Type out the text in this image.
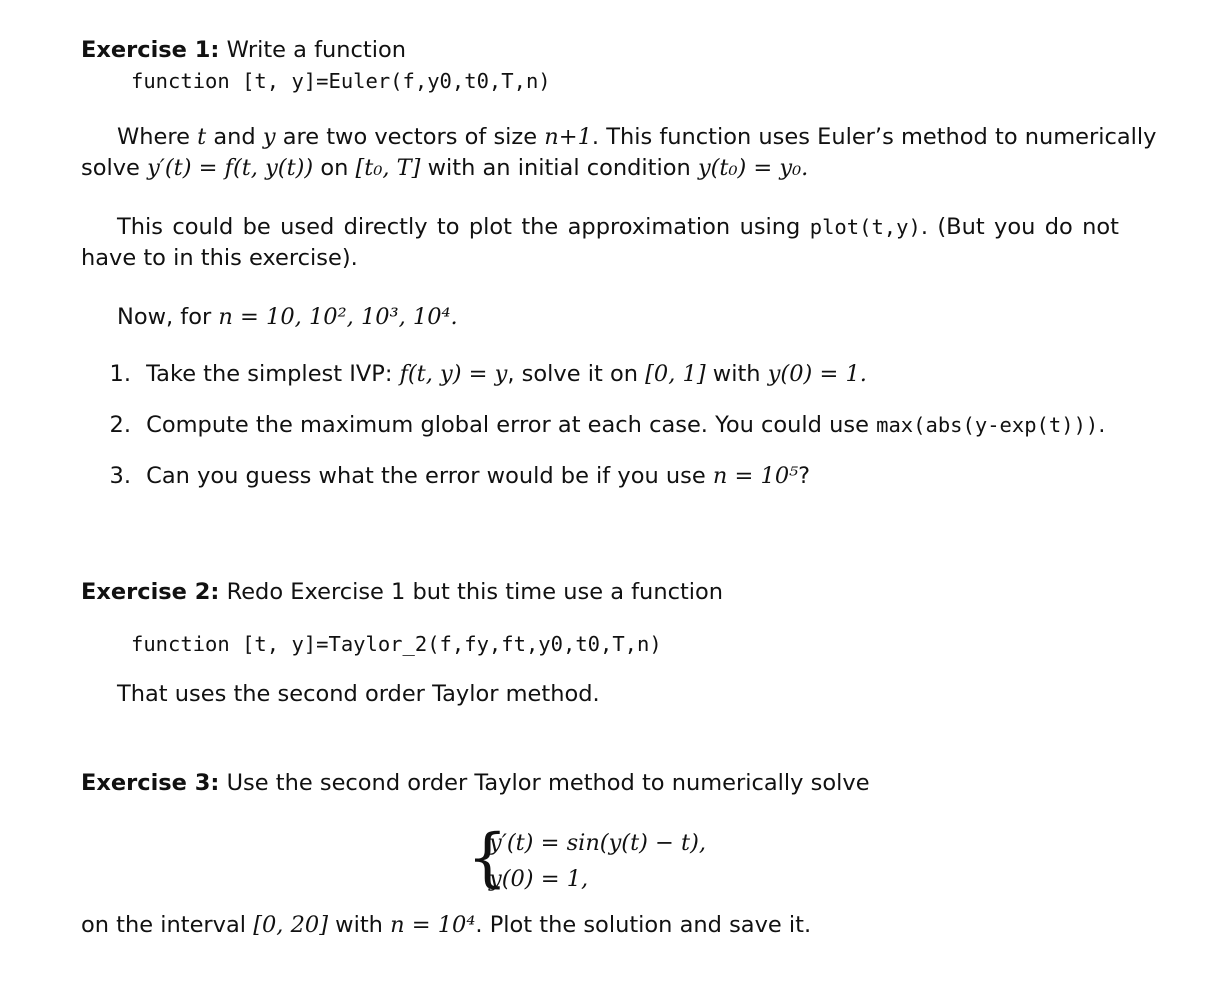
Exercise 1: Write a function
function [t, y]=Euler(f,y0,t0,T,n)
Where t and y are two vectors of size n+1. This function uses Euler’s method to numerically
solve y′(t) = f(t, y(t)) on [t₀, T] with an initial condition y(t₀) = y₀.
This could be used directly to plot the approximation using plot(t,y). (But you do not
have to in this exercise).
Now, for n = 10, 10², 10³, 10⁴.
1. Take the simplest IVP: f(t, y) = y, solve it on [0, 1] with y(0) = 1.
2. Compute the maximum global error at each case. You could use max(abs(y-exp(t))).
3. Can you guess what the error would be if you use n = 10⁵?
Exercise 2: Redo Exercise 1 but this time use a function
function [t, y]=Taylor_2(f,fy,ft,y0,t0,T,n)
That uses the second order Taylor method.
Exercise 3: Use the second order Taylor method to numerically solve
{
y′(t) = sin(y(t) − t),
y(0) = 1,
on the interval [0, 20] with n = 10⁴. Plot the solution and save it.
